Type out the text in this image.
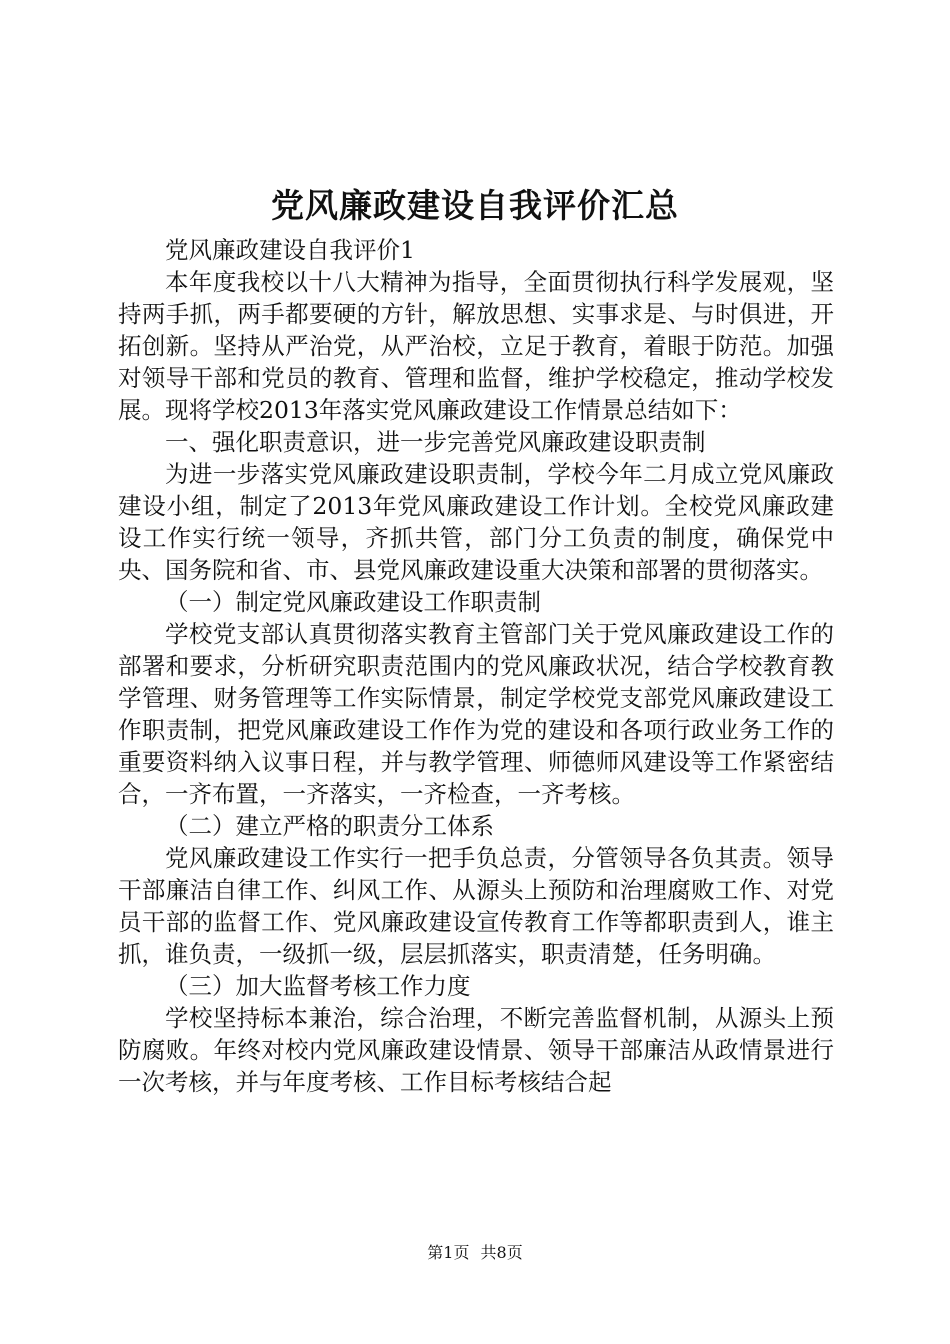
党风廉政建设自我评价汇总

党风廉政建设自我评价1

本年度我校以十八大精神为指导，全面贯彻执行科学发展观，坚持两手抓，两手都要硬的方针，解放思想、实事求是、与时俱进，开拓创新。坚持从严治党，从严治校，立足于教育，着眼于防范。加强对领导干部和党员的教育、管理和监督，维护学校稳定，推动学校发展。现将学校2013年落实党风廉政建设工作情景总结如下：

一、强化职责意识，进一步完善党风廉政建设职责制

为进一步落实党风廉政建设职责制，学校今年二月成立党风廉政建设小组，制定了2013年党风廉政建设工作计划。全校党风廉政建设工作实行统一领导，齐抓共管，部门分工负责的制度，确保党中央、国务院和省、市、县党风廉政建设重大决策和部署的贯彻落实。

（一）制定党风廉政建设工作职责制

学校党支部认真贯彻落实教育主管部门关于党风廉政建设工作的部署和要求，分析研究职责范围内的党风廉政状况，结合学校教育教学管理、财务管理等工作实际情景，制定学校党支部党风廉政建设工作职责制，把党风廉政建设工作作为党的建设和各项行政业务工作的重要资料纳入议事日程，并与教学管理、师德师风建设等工作紧密结合，一齐布置，一齐落实，一齐检查，一齐考核。

（二）建立严格的职责分工体系

党风廉政建设工作实行一把手负总责，分管领导各负其责。领导干部廉洁自律工作、纠风工作、从源头上预防和治理腐败工作、对党员干部的监督工作、党风廉政建设宣传教育工作等都职责到人，谁主抓，谁负责，一级抓一级，层层抓落实，职责清楚，任务明确。

（三）加大监督考核工作力度

学校坚持标本兼治，综合治理，不断完善监督机制，从源头上预防腐败。年终对校内党风廉政建设情景、领导干部廉洁从政情景进行一次考核，并与年度考核、工作目标考核结合起

第1页 共8页
